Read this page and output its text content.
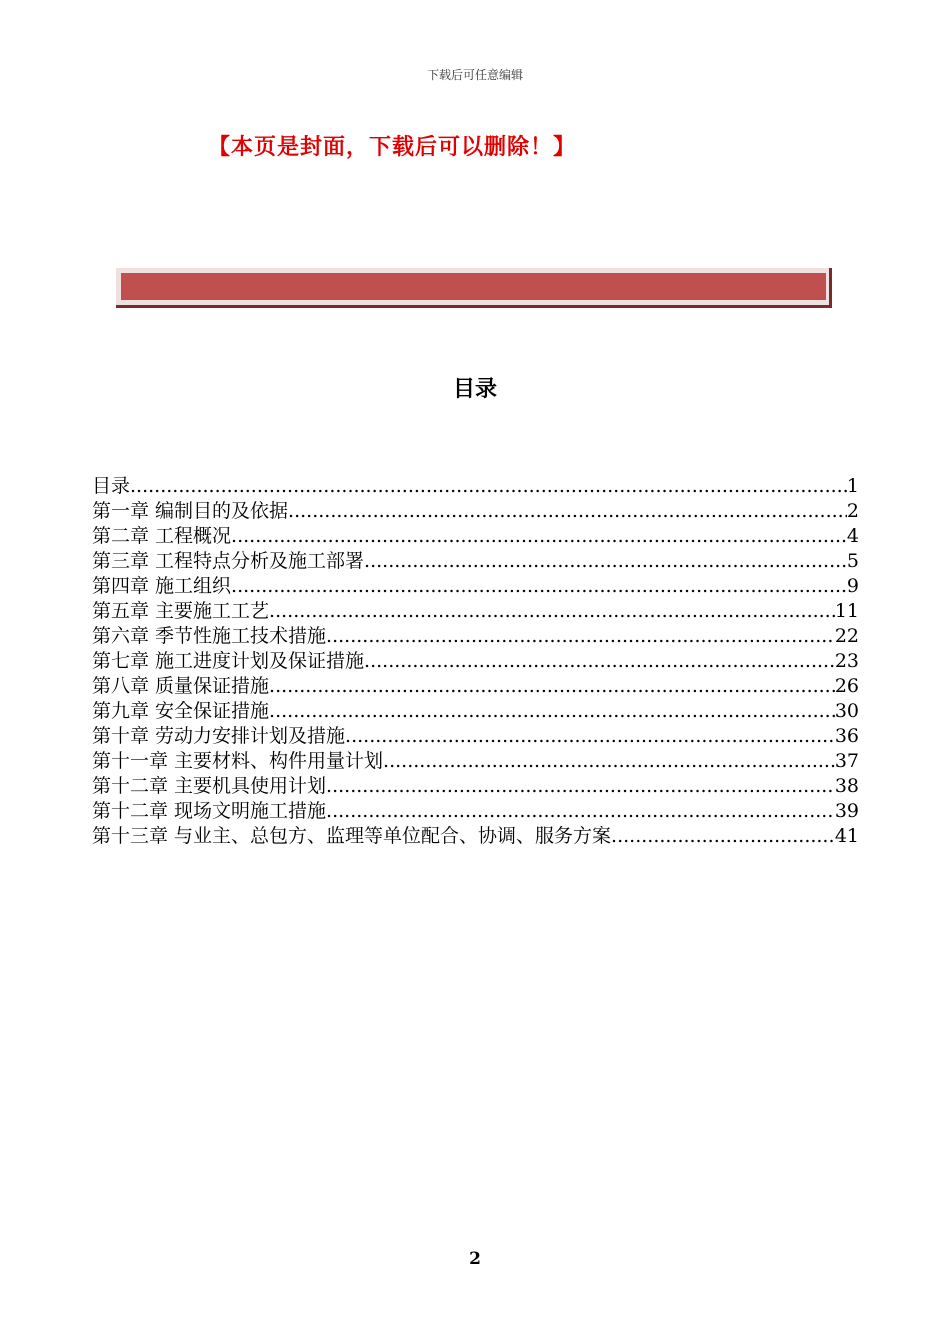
下载后可任意编辑
【本页是封面，下载后可以删除！】
目录
目录 .....	1
第一章 编制目的及依据 .....	2
第二章 工程概况 .....	4
第三章 工程特点分析及施工部署 .....	5
第四章 施工组织 .....	9
第五章 主要施工工艺 .....	11
第六章 季节性施工技术措施 .....	22
第七章 施工进度计划及保证措施 .....	23
第八章 质量保证措施 .....	26
第九章 安全保证措施 .....	30
第十章 劳动力安排计划及措施 .....	36
第十一章 主要材料、构件用量计划 .....	37
第十二章 主要机具使用计划 .....	38
第十二章 现场文明施工措施 .....	39
第十三章 与业主、总包方、监理等单位配合、协调、服务方案 .....	41
2
